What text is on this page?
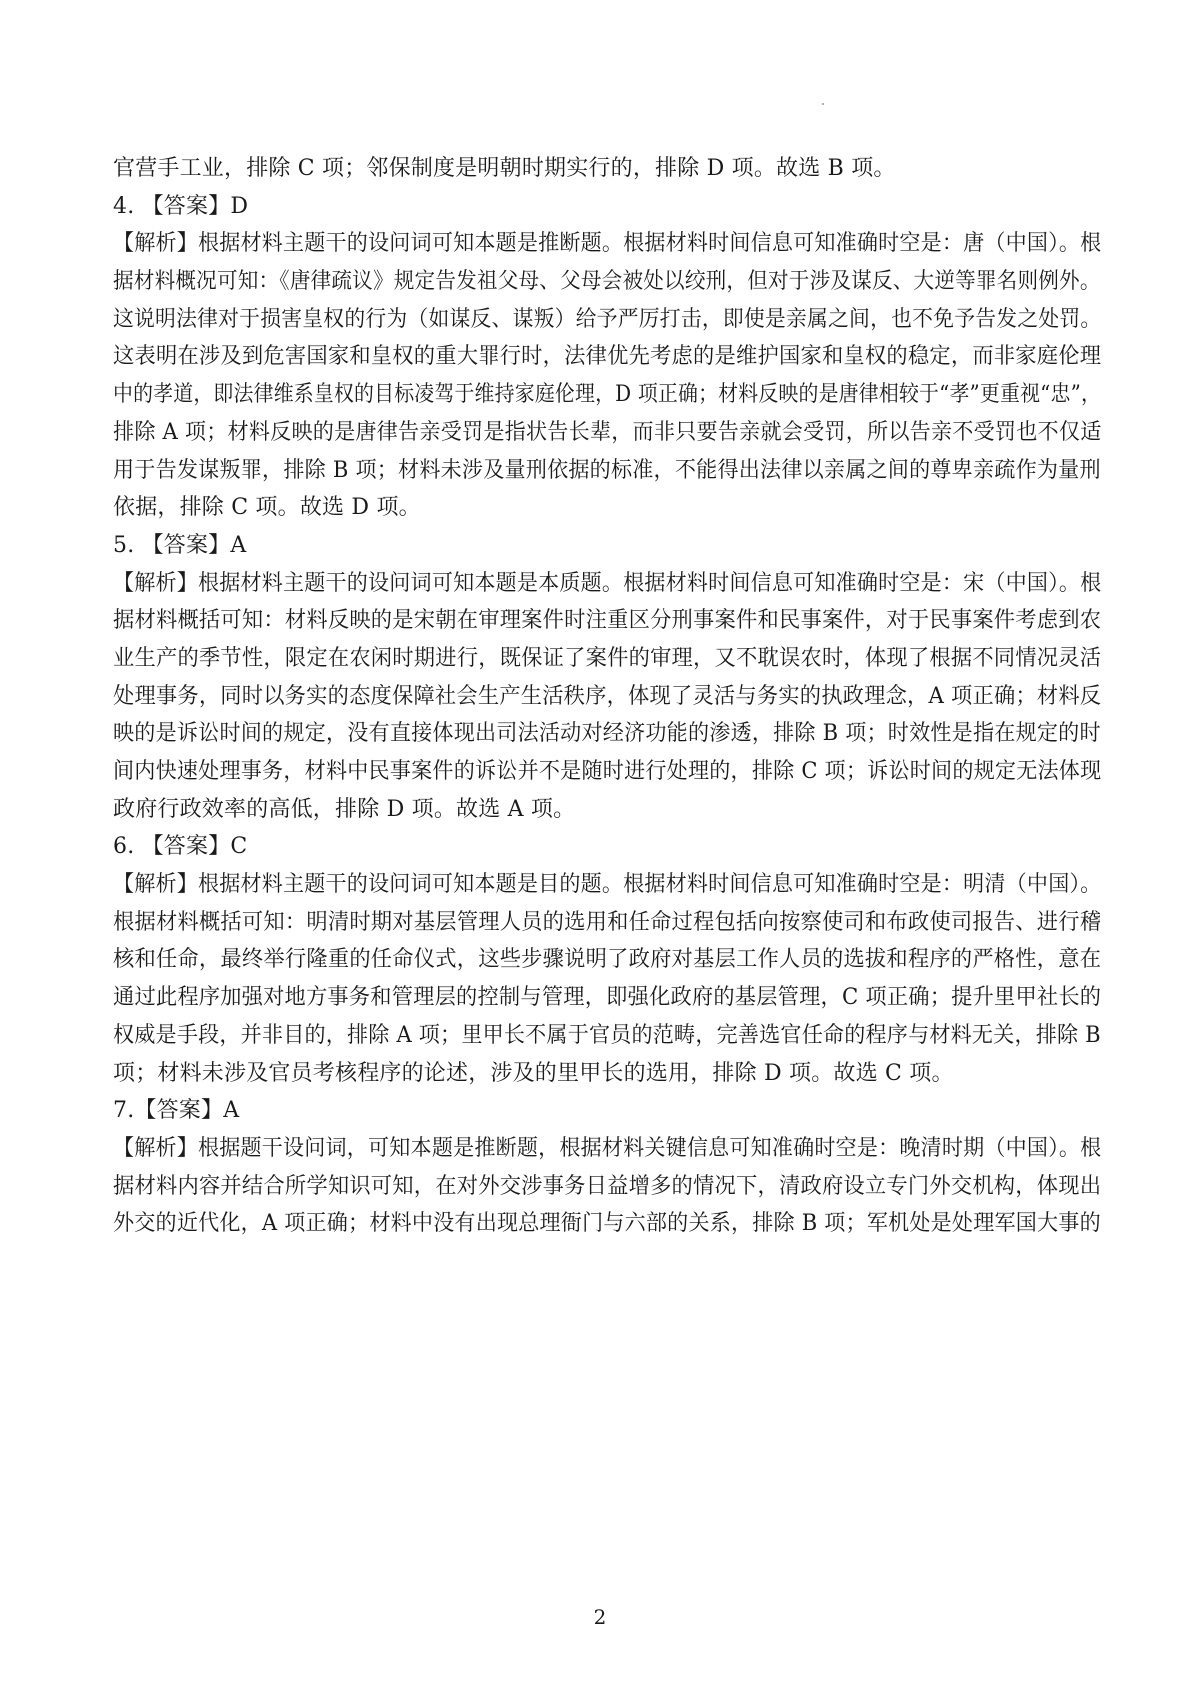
官营手工业，排除 C 项；邻保制度是明朝时期实行的，排除 D 项。故选 B 项。
4. 【答案】D
【解析】根据材料主题干的设问词可知本题是推断题。根据材料时间信息可知准确时空是：唐（中国）。根
据材料概况可知：《唐律疏议》规定告发祖父母、父母会被处以绞刑，但对于涉及谋反、大逆等罪名则例外。
这说明法律对于损害皇权的行为（如谋反、谋叛）给予严厉打击，即使是亲属之间，也不免予告发之处罚。
这表明在涉及到危害国家和皇权的重大罪行时，法律优先考虑的是维护国家和皇权的稳定，而非家庭伦理
中的孝道，即法律维系皇权的目标凌驾于维持家庭伦理，D 项正确；材料反映的是唐律相较于“孝”更重视“忠”，
排除 A 项；材料反映的是唐律告亲受罚是指状告长辈，而非只要告亲就会受罚，所以告亲不受罚也不仅适
用于告发谋叛罪，排除 B 项；材料未涉及量刑依据的标准，不能得出法律以亲属之间的尊卑亲疏作为量刑
依据，排除 C 项。故选 D 项。
5. 【答案】A
【解析】根据材料主题干的设问词可知本题是本质题。根据材料时间信息可知准确时空是：宋（中国）。根
据材料概括可知：材料反映的是宋朝在审理案件时注重区分刑事案件和民事案件，对于民事案件考虑到农
业生产的季节性，限定在农闲时期进行，既保证了案件的审理，又不耽误农时，体现了根据不同情况灵活
处理事务，同时以务实的态度保障社会生产生活秩序，体现了灵活与务实的执政理念，A 项正确；材料反
映的是诉讼时间的规定，没有直接体现出司法活动对经济功能的渗透，排除 B 项；时效性是指在规定的时
间内快速处理事务，材料中民事案件的诉讼并不是随时进行处理的，排除 C 项；诉讼时间的规定无法体现
政府行政效率的高低，排除 D 项。故选 A 项。
6. 【答案】C
【解析】根据材料主题干的设问词可知本题是目的题。根据材料时间信息可知准确时空是：明清（中国）。
根据材料概括可知：明清时期对基层管理人员的选用和任命过程包括向按察使司和布政使司报告、进行稽
核和任命，最终举行隆重的任命仪式，这些步骤说明了政府对基层工作人员的选拔和程序的严格性，意在
通过此程序加强对地方事务和管理层的控制与管理，即强化政府的基层管理，C 项正确；提升里甲社长的
权威是手段，并非目的，排除 A 项；里甲长不属于官员的范畴，完善选官任命的程序与材料无关，排除 B
项；材料未涉及官员考核程序的论述，涉及的里甲长的选用，排除 D 项。故选 C 项。
7.【答案】A
【解析】根据题干设问词，可知本题是推断题，根据材料关键信息可知准确时空是：晚清时期（中国）。根
据材料内容并结合所学知识可知，在对外交涉事务日益增多的情况下，清政府设立专门外交机构，体现出
外交的近代化，A 项正确；材料中没有出现总理衙门与六部的关系，排除 B 项；军机处是处理军国大事的
2
